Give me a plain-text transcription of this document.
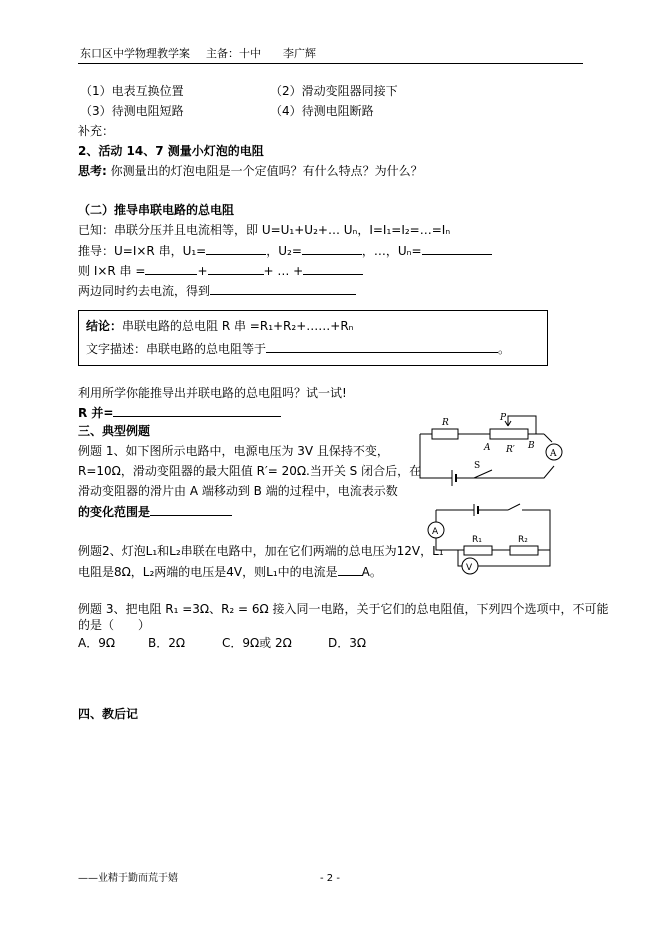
东口区中学物理教学案 主备：十中　　李广辉
（1）电表互换位置	（2）滑动变阻器同接下
（3）待测电阻短路	（4）待测电阻断路
补充：
2、活动 14、7 测量小灯泡的电阻
思考: 你测量出的灯泡电阻是一个定值吗？有什么特点？为什么？
（二）推导串联电路的总电阻
已知：串联分压并且电流相等，即 U=U₁+U₂+… Uₙ，I=I₁=I₂=…=Iₙ
推导：U=I×R 串，U₁=	，U₂=	，…，Uₙ=
则 I×R 串 =	+	+ … +
两边同时约去电流，得到
结论：串联电路的总电阻 R 串 =R₁+R₂+……+Rₙ
文字描述：串联电路的总电阻等于	。
利用所学你能推导出并联电路的总电阻吗？试一试!
R 并=
三、典型例题
例题 1、如下图所示电路中，电源电压为 3V 且保持不变，
R=10Ω，滑动变阻器的最大阻值 R′= 20Ω.当开关 S 闭合后，在
滑动变阻器的滑片由 A 端移动到 B 端的过程中，电流表示数
的变化范围是
例题2、灯泡L₁和L₂串联在电路中，加在它们两端的总电压为12V，L₁
电阻是8Ω，L₂两端的电压是4V，则L₁中的电流是 A。
例题 3、把电阻 R₁ =3Ω、R₂ = 6Ω 接入同一电路，关于它们的总电阻值，下列四个选项中，不可能
的是（　　）
A．9Ω	B．2Ω	C．9Ω或 2Ω	D．3Ω
四、教后记
R	P
A R′ B
S
A
A
R₁	R₂
V
——业精于勤而荒于嬉	- 2 -
